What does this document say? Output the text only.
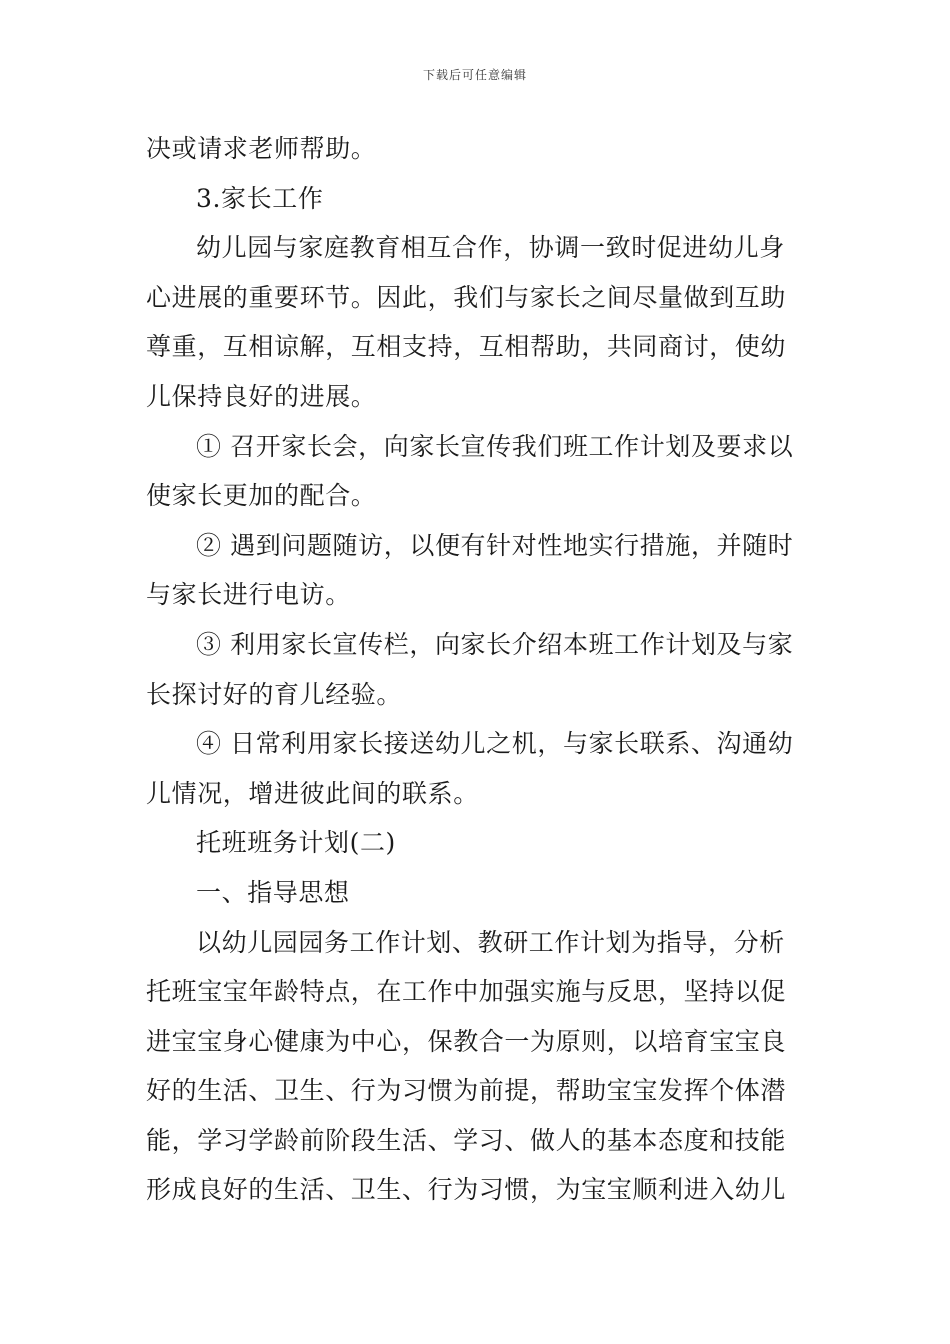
下载后可任意编辑
决或请求老师帮助。
3.家长工作
幼儿园与家庭教育相互合作，协调一致时促进幼儿身
心进展的重要环节。因此，我们与家长之间尽量做到互助
尊重，互相谅解，互相支持，互相帮助，共同商讨，使幼
儿保持良好的进展。
① 召开家长会，向家长宣传我们班工作计划及要求以
使家长更加的配合。
② 遇到问题随访，以便有针对性地实行措施，并随时
与家长进行电访。
③ 利用家长宣传栏，向家长介绍本班工作计划及与家
长探讨好的育儿经验。
④ 日常利用家长接送幼儿之机，与家长联系、沟通幼
儿情况，增进彼此间的联系。
托班班务计划(二)
一、指导思想
以幼儿园园务工作计划、教研工作计划为指导，分析
托班宝宝年龄特点，在工作中加强实施与反思，坚持以促
进宝宝身心健康为中心，保教合一为原则，以培育宝宝良
好的生活、卫生、行为习惯为前提，帮助宝宝发挥个体潜
能，学习学龄前阶段生活、学习、做人的基本态度和技能
形成良好的生活、卫生、行为习惯，为宝宝顺利进入幼儿
